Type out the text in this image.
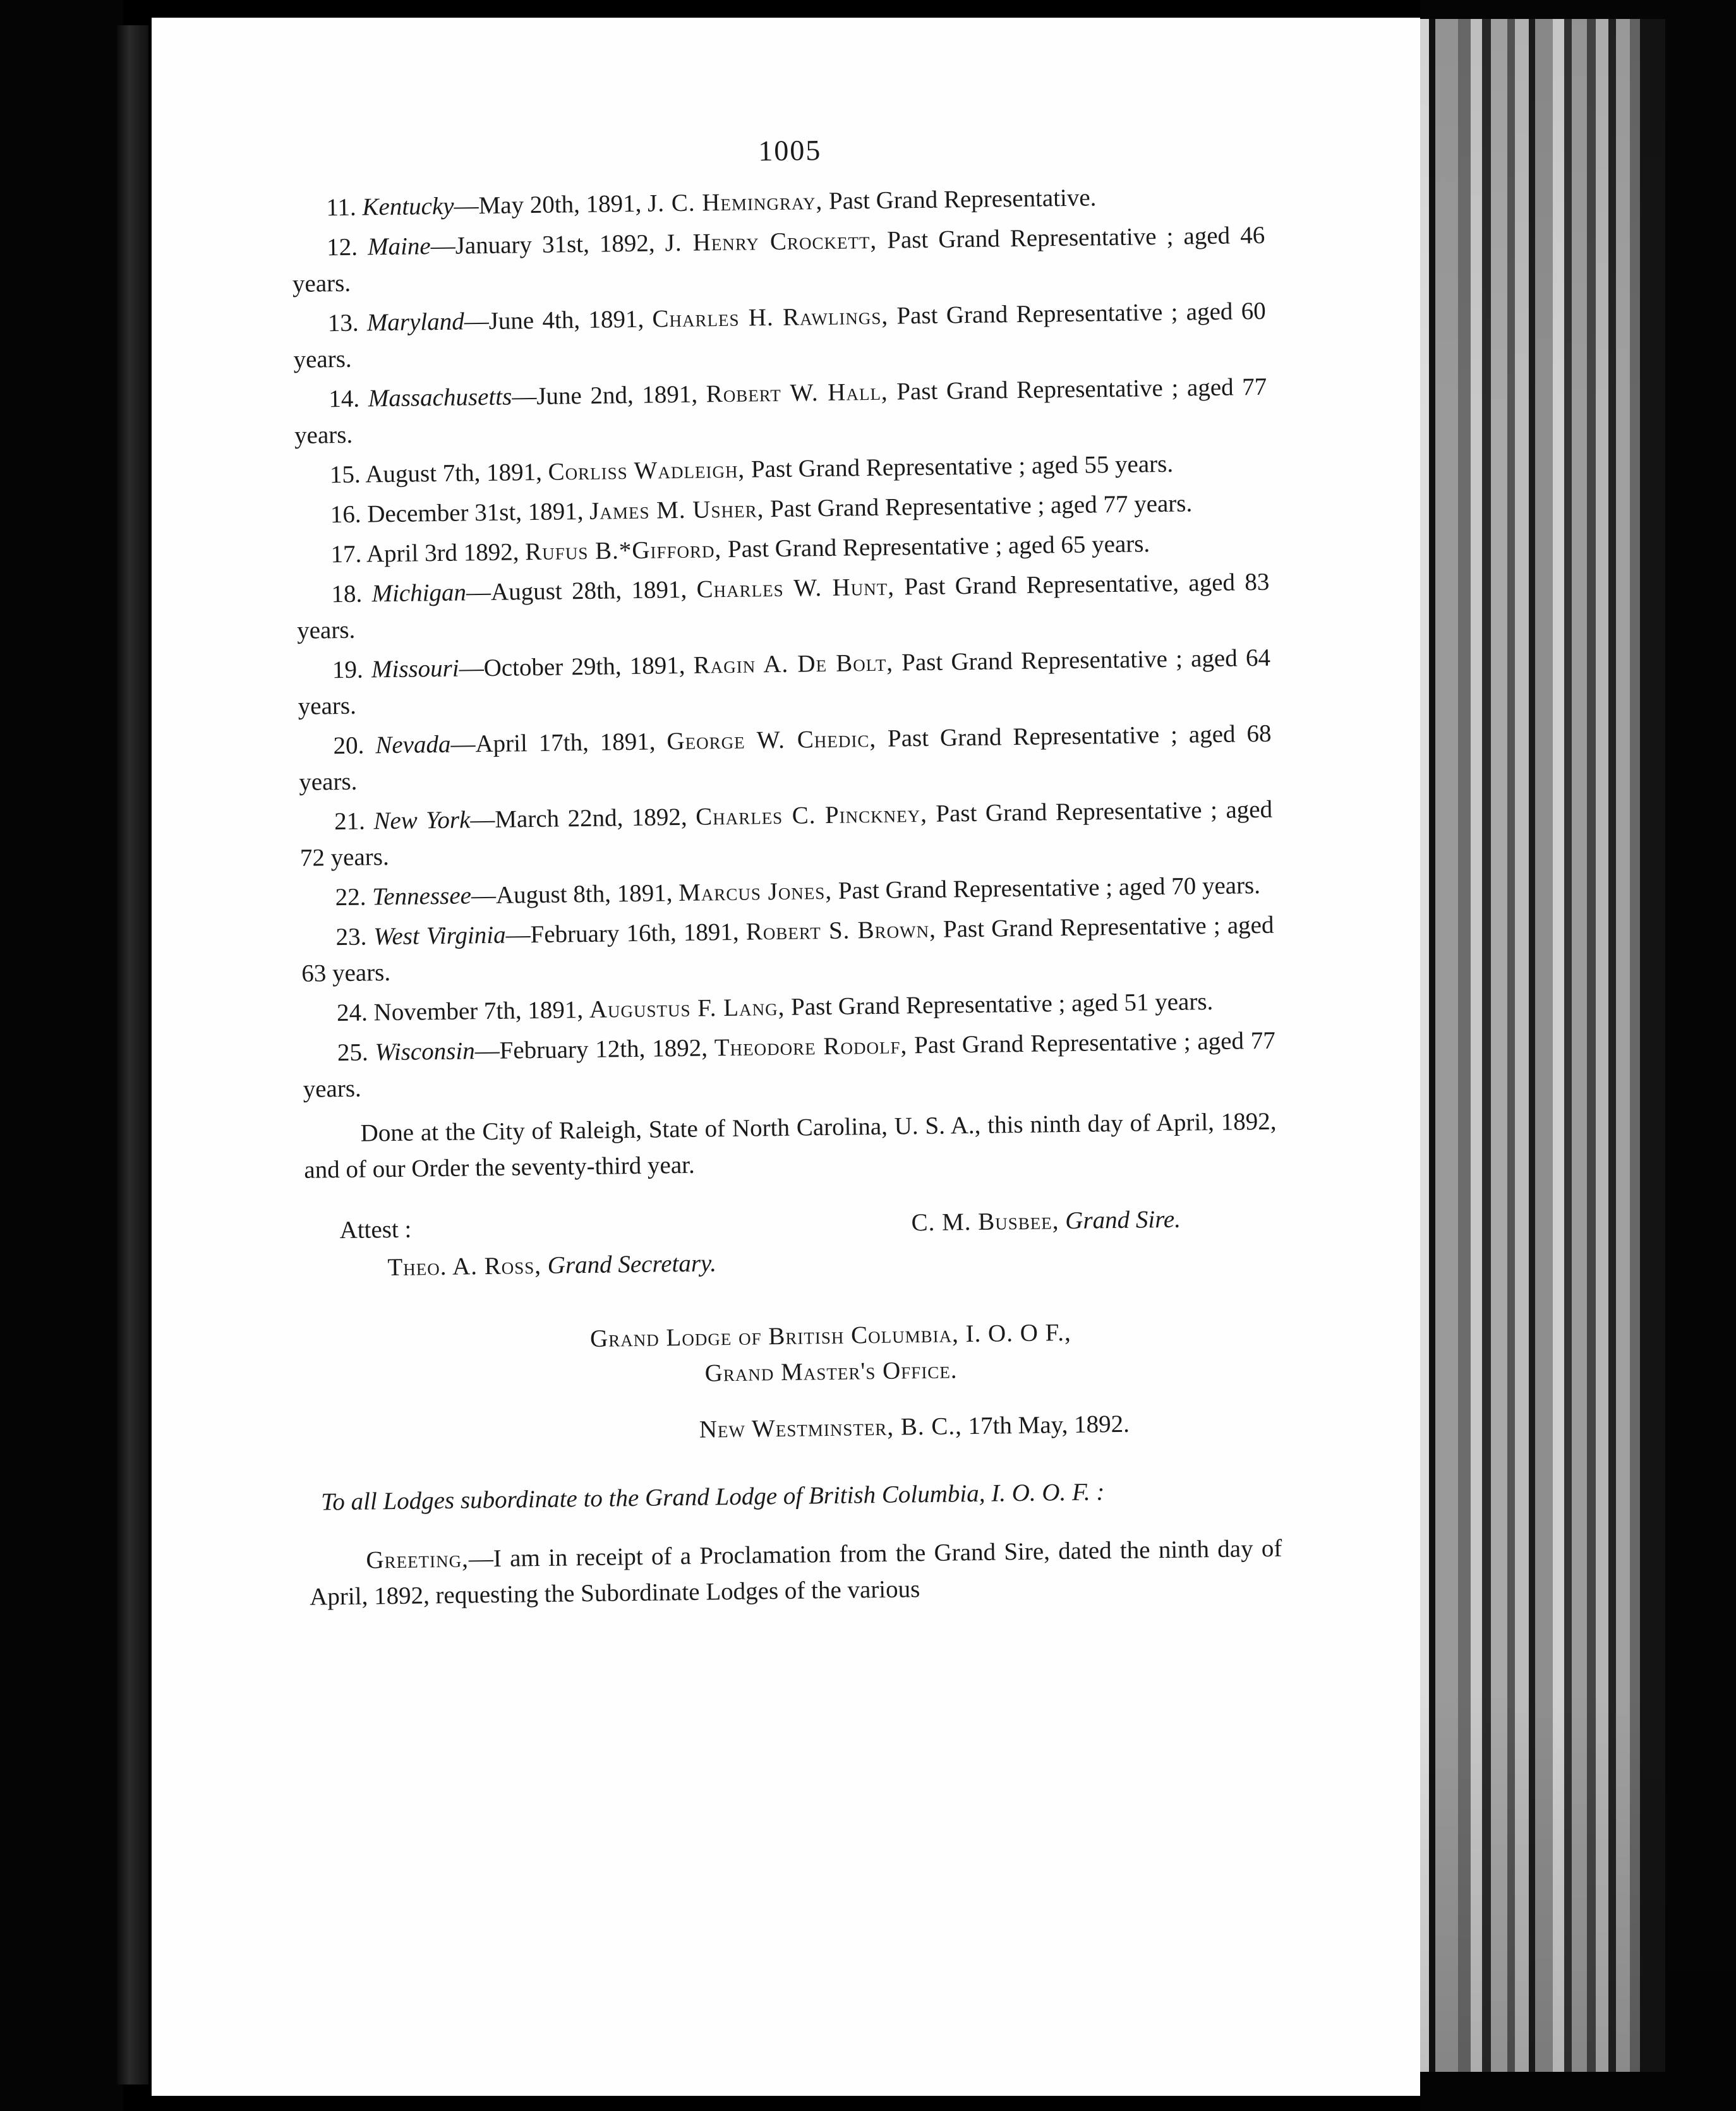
1005

11. Kentucky—May 20th, 1891, J. C. Hemingray, Past Grand Representative.

12. Maine—January 31st, 1892, J. Henry Crockett, Past Grand Representative ; aged 46 years.

13. Maryland—June 4th, 1891, Charles H. Rawlings, Past Grand Representative ; aged 60 years.

14. Massachusetts—June 2nd, 1891, Robert W. Hall, Past Grand Representative ; aged 77 years.

15. August 7th, 1891, Corliss Wadleigh, Past Grand Representative ; aged 55 years.

16. December 31st, 1891, James M. Usher, Past Grand Representative ; aged 77 years.

17. April 3rd 1892, Rufus B.*Gifford, Past Grand Representative ; aged 65 years.

18. Michigan—August 28th, 1891, Charles W. Hunt, Past Grand Representative, aged 83 years.

19. Missouri—October 29th, 1891, Ragin A. De Bolt, Past Grand Representative ; aged 64 years.

20. Nevada—April 17th, 1891, George W. Chedic, Past Grand Representative ; aged 68 years.

21. New York—March 22nd, 1892, Charles C. Pinckney, Past Grand Representative ; aged 72 years.

22. Tennessee—August 8th, 1891, Marcus Jones, Past Grand Representative ; aged 70 years.

23. West Virginia—February 16th, 1891, Robert S. Brown, Past Grand Representative ; aged 63 years.

24. November 7th, 1891, Augustus F. Lang, Past Grand Representative ; aged 51 years.

25. Wisconsin—February 12th, 1892, Theodore Rodolf, Past Grand Representative ; aged 77 years.

Done at the City of Raleigh, State of North Carolina, U. S. A., this ninth day of April, 1892, and of our Order the seventy-third year.

Attest :	C. M. Busbee, Grand Sire.
Theo. A. Ross, Grand Secretary.
Grand Lodge of British Columbia, I. O. O F.,
Grand Master's Office.
New Westminster, B. C., 17th May, 1892.
To all Lodges subordinate to the Grand Lodge of British Columbia, I. O. O. F. :

Greeting,—I am in receipt of a Proclamation from the Grand Sire, dated the ninth day of April, 1892, requesting the Subordinate Lodges of the various
